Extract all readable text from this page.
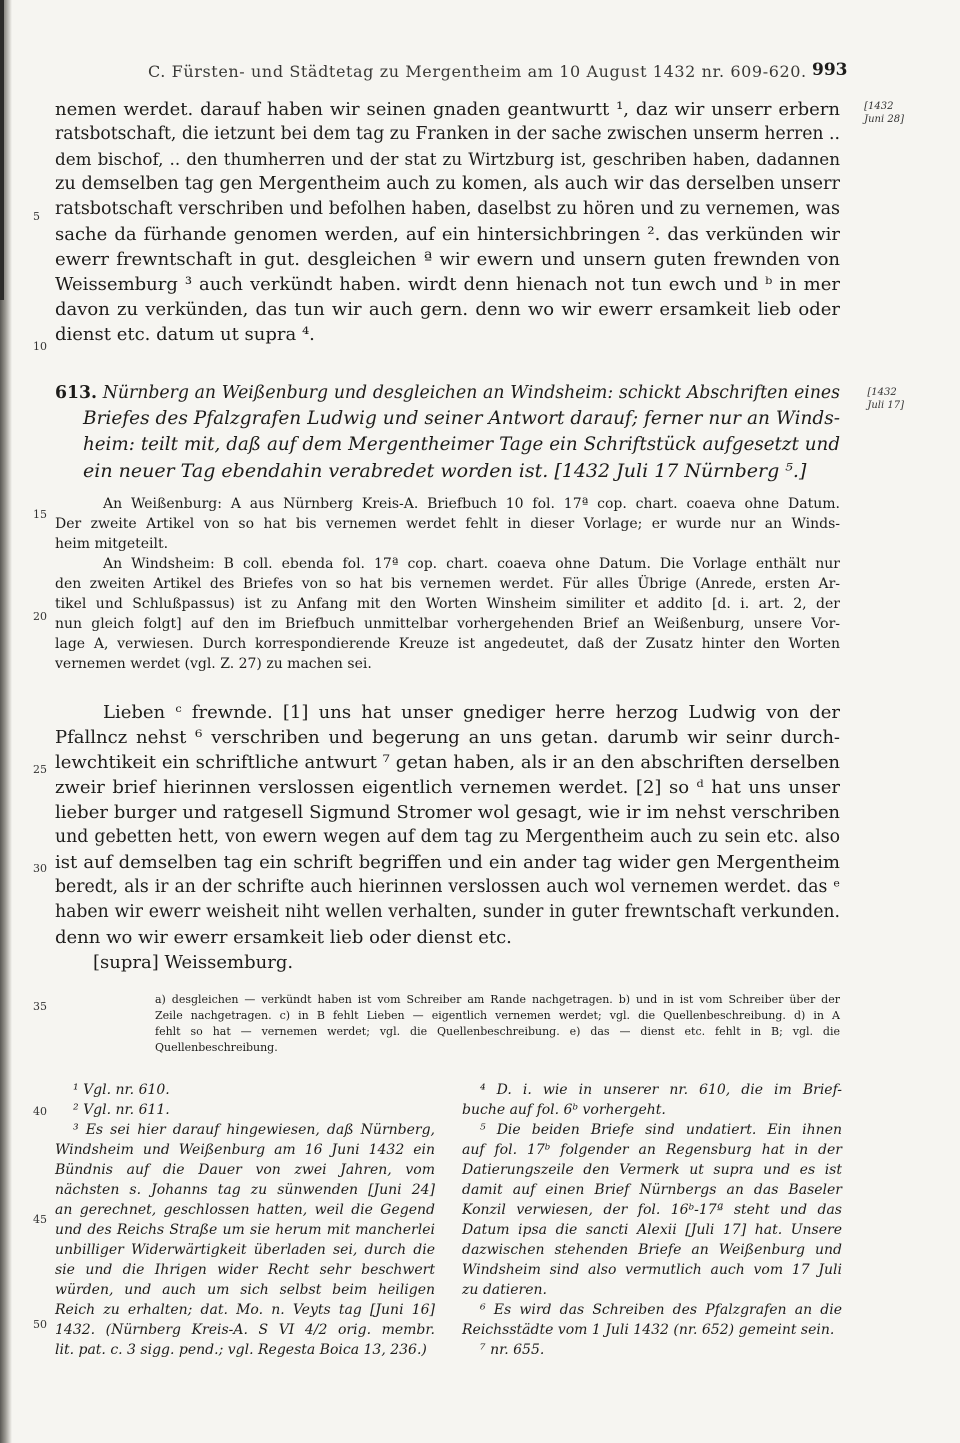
C. Fürsten- und Städtetag zu Mergentheim am 10 August 1432 nr. 609-620. 993
[1432
Juni 28]
[1432
Juli 17]
5
10
15
20
25
30
35
40
45
50
nemen werdet. darauf haben wir seinen gnaden geantwurtt ¹, daz wir unserr erbern
ratsbotschaft, die ietzunt bei dem tag zu Franken in der sache zwischen unserm herren ..
dem bischof, .. den thumherren und der stat zu Wirtzburg ist, geschriben haben, dadannen
zu demselben tag gen Mergentheim auch zu komen, als auch wir das derselben unserr
ratsbotschaft verschriben und befolhen haben, daselbst zu hören und zu vernemen, was
sache da fürhande genomen werden, auf ein hintersichbringen ². das verkünden wir
ewerr frewntschaft in gut. desgleichen ª wir ewern und unsern guten frewnden von
Weissemburg ³ auch verkündt haben. wirdt denn hienach not tun ewch und ᵇ in mer
davon zu verkünden, das tun wir auch gern. denn wo wir ewerr ersamkeit lieb oder
dienst etc. datum ut supra ⁴.
613. Nürnberg an Weißenburg und desgleichen an Windsheim: schickt Abschriften eines
Briefes des Pfalzgrafen Ludwig und seiner Antwort darauf; ferner nur an Winds-
heim: teilt mit, daß auf dem Mergentheimer Tage ein Schriftstück aufgesetzt und
ein neuer Tag ebendahin verabredet worden ist. [1432 Juli 17 Nürnberg ⁵.]
An Weißenburg: A aus Nürnberg Kreis-A. Briefbuch 10 fol. 17ª cop. chart. coaeva ohne Datum.
Der zweite Artikel von so hat bis vernemen werdet fehlt in dieser Vorlage; er wurde nur an Winds-
heim mitgeteilt.
An Windsheim: B coll. ebenda fol. 17ª cop. chart. coaeva ohne Datum. Die Vorlage enthält nur
den zweiten Artikel des Briefes von so hat bis vernemen werdet. Für alles Übrige (Anrede, ersten Ar-
tikel und Schlußpassus) ist zu Anfang mit den Worten Winsheim similiter et addito [d. i. art. 2, der
nun gleich folgt] auf den im Briefbuch unmittelbar vorhergehenden Brief an Weißenburg, unsere Vor-
lage A, verwiesen. Durch korrespondierende Kreuze ist angedeutet, daß der Zusatz hinter den Worten
vernemen werdet (vgl. Z. 27) zu machen sei.
Lieben ᶜ frewnde. [1] uns hat unser gnediger herre herzog Ludwig von der
Pfallncz nehst ⁶ verschriben und begerung an uns getan. darumb wir seinr durch-
lewchtikeit ein schriftliche antwurt ⁷ getan haben, als ir an den abschriften derselben
zweir brief hierinnen verslossen eigentlich vernemen werdet. [2] so ᵈ hat uns unser
lieber burger und ratgesell Sigmund Stromer wol gesagt, wie ir im nehst verschriben
und gebetten hett, von ewern wegen auf dem tag zu Mergentheim auch zu sein etc. also
ist auf demselben tag ein schrift begriffen und ein ander tag wider gen Mergentheim
beredt, als ir an der schrifte auch hierinnen verslossen auch wol vernemen werdet. das ᵉ
haben wir ewerr weisheit niht wellen verhalten, sunder in guter frewntschaft verkunden.
denn wo wir ewerr ersamkeit lieb oder dienst etc.
[supra] Weissemburg.
a) desgleichen — verkündt haben ist vom Schreiber am Rande nachgetragen. b) und in ist vom Schreiber über der
Zeile nachgetragen. c) in B fehlt Lieben — eigentlich vernemen werdet; vgl. die Quellenbeschreibung. d) in A
fehlt so hat — vernemen werdet; vgl. die Quellenbeschreibung. e) das — dienst etc. fehlt in B; vgl. die
Quellenbeschreibung.
¹ Vgl. nr. 610.
² Vgl. nr. 611.
³ Es sei hier darauf hingewiesen, daß Nürnberg,
Windsheim und Weißenburg am 16 Juni 1432 ein
Bündnis auf die Dauer von zwei Jahren, vom
nächsten s. Johanns tag zu sünwenden [Juni 24]
an gerechnet, geschlossen hatten, weil die Gegend
und des Reichs Straße um sie herum mit mancherlei
unbilliger Widerwärtigkeit überladen sei, durch die
sie und die Ihrigen wider Recht sehr beschwert
würden, und auch um sich selbst beim heiligen
Reich zu erhalten; dat. Mo. n. Veyts tag [Juni 16]
1432. (Nürnberg Kreis-A. S VI 4/2 orig. membr.
lit. pat. c. 3 sigg. pend.; vgl. Regesta Boica 13, 236.)
⁴ D. i. wie in unserer nr. 610, die im Brief-
buche auf fol. 6ᵇ vorhergeht.
⁵ Die beiden Briefe sind undatiert. Ein ihnen
auf fol. 17ᵇ folgender an Regensburg hat in der
Datierungszeile den Vermerk ut supra und es ist
damit auf einen Brief Nürnbergs an das Baseler
Konzil verwiesen, der fol. 16ᵇ-17ª steht und das
Datum ipsa die sancti Alexii [Juli 17] hat. Unsere
dazwischen stehenden Briefe an Weißenburg und
Windsheim sind also vermutlich auch vom 17 Juli
zu datieren.
⁶ Es wird das Schreiben des Pfalzgrafen an die
Reichsstädte vom 1 Juli 1432 (nr. 652) gemeint sein.
⁷ nr. 655.
